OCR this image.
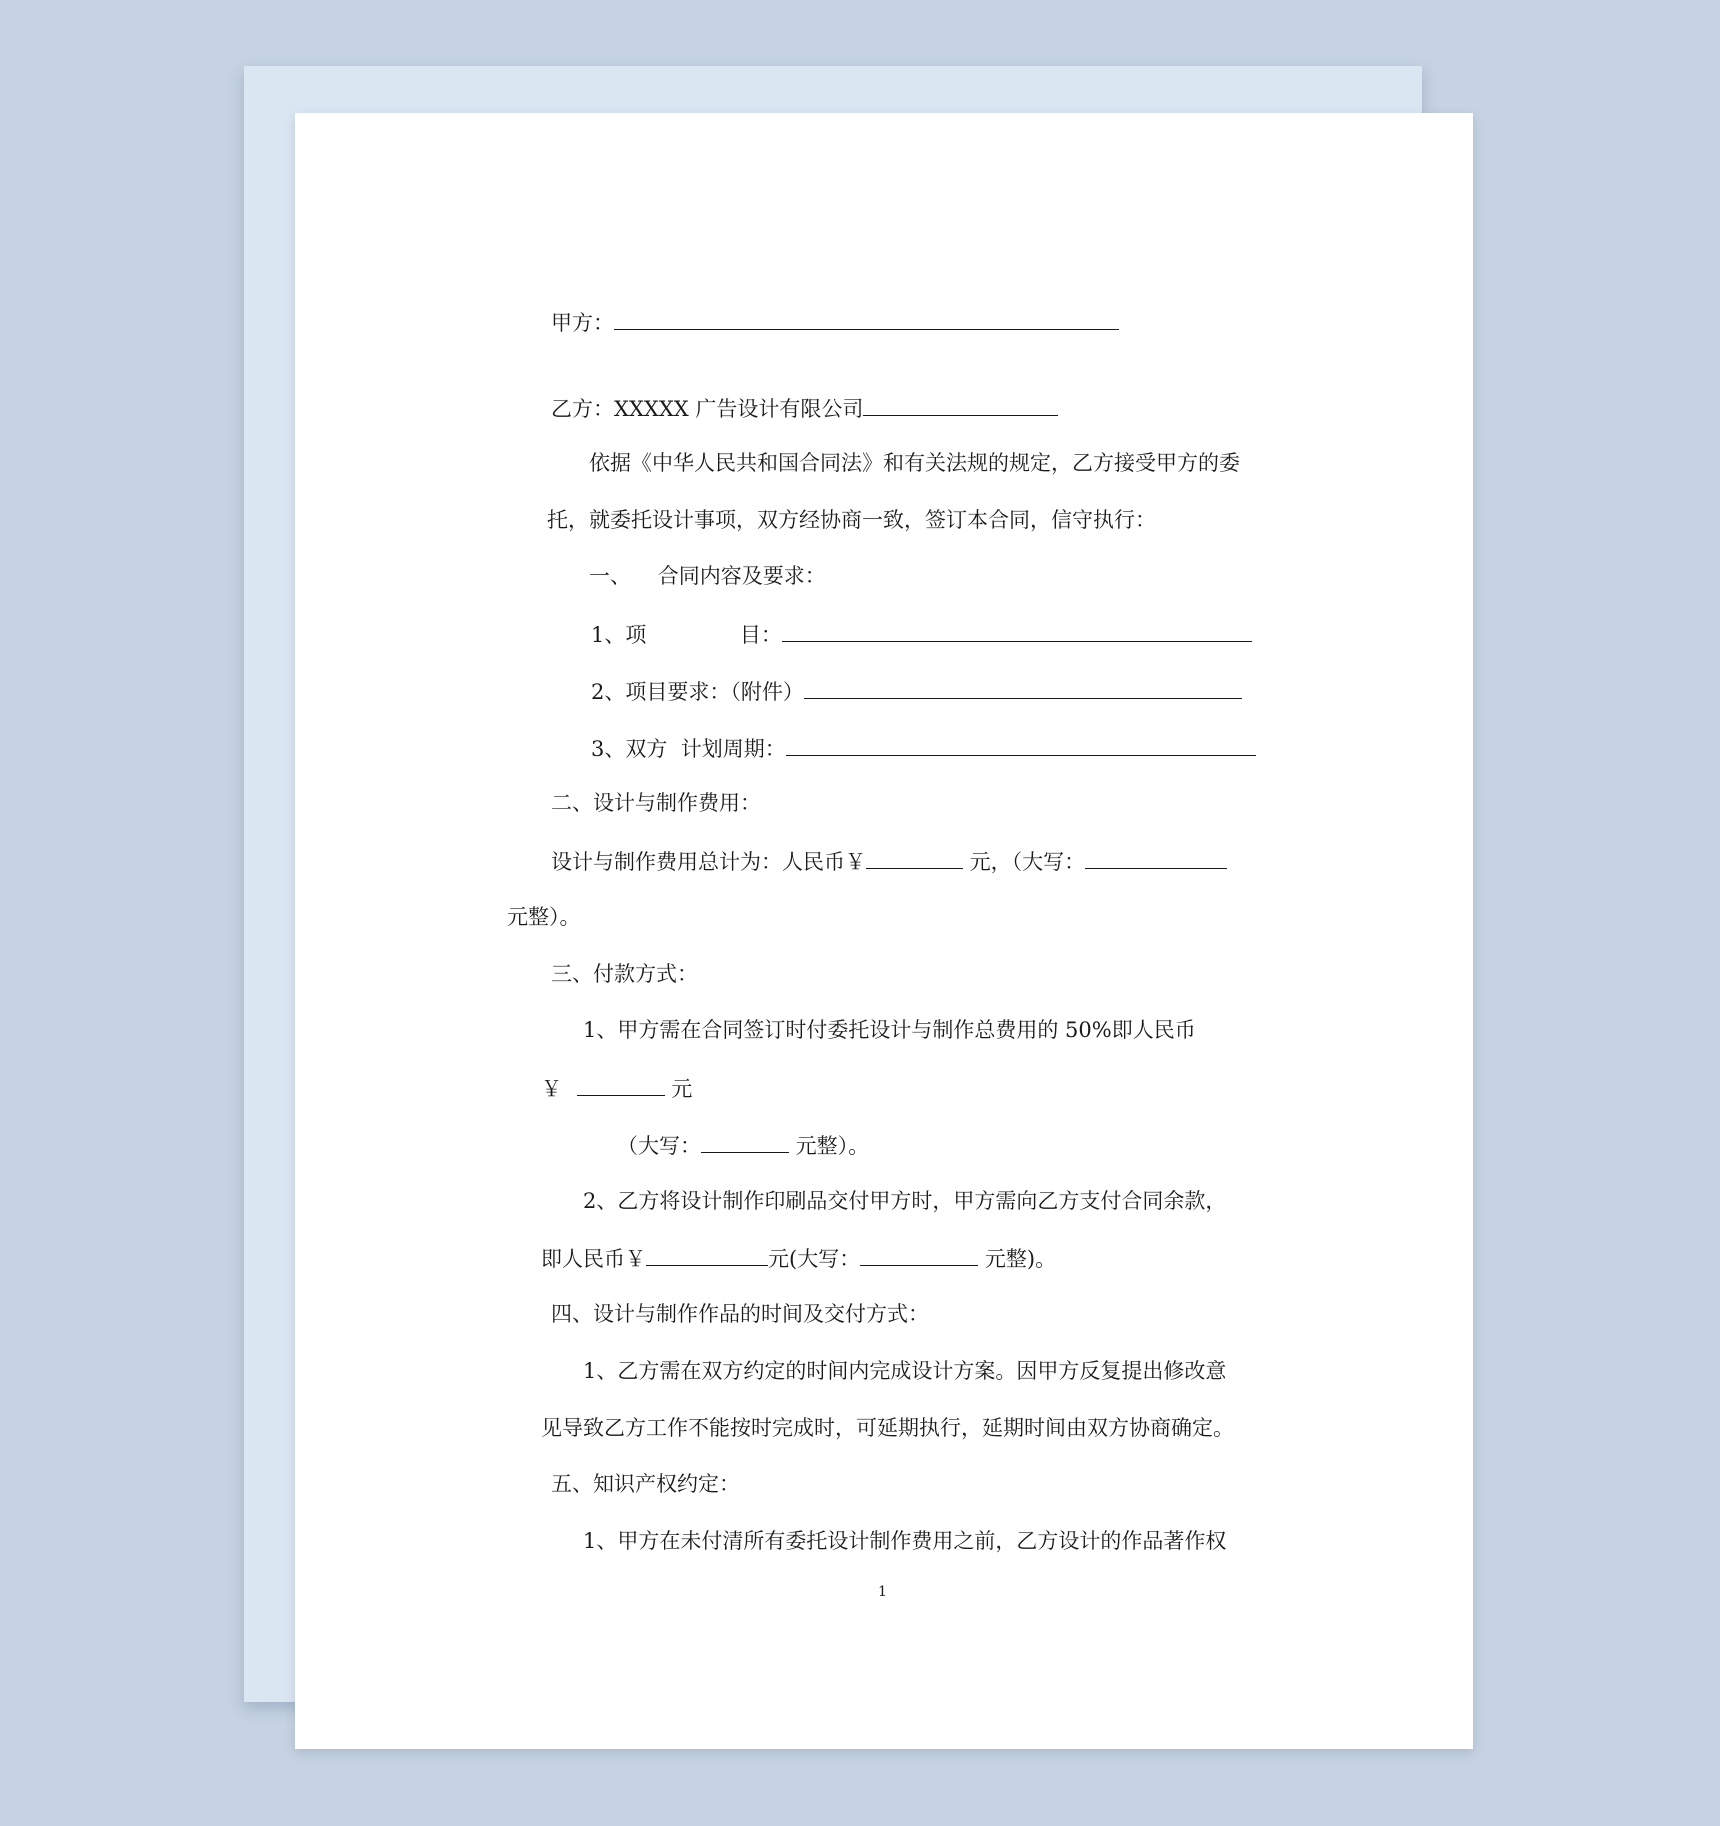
甲方：
乙方：XXXXX 广告设计有限公司
依据《中华人民共和国合同法》和有关法规的规定，乙方接受甲方的委
托，就委托设计事项，双方经协商一致，签订本合同，信守执行：
一、    合同内容及要求：
1、项              目：
2、项目要求：（附件）
3、双方  计划周期：
二、设计与制作费用：
设计与制作费用总计为：人民币￥	元，（大写：
元整）。
三、付款方式：
1、甲方需在合同签订时付委托设计与制作总费用的 50%即人民币
￥	元
（大写：	元整）。
2、乙方将设计制作印刷品交付甲方时，甲方需向乙方支付合同余款，
即人民币￥	元(大写：	元整)。
四、设计与制作作品的时间及交付方式：
1、乙方需在双方约定的时间内完成设计方案。因甲方反复提出修改意
见导致乙方工作不能按时完成时，可延期执行，延期时间由双方协商确定。
五、知识产权约定：
1、甲方在未付清所有委托设计制作费用之前，乙方设计的作品著作权
1
